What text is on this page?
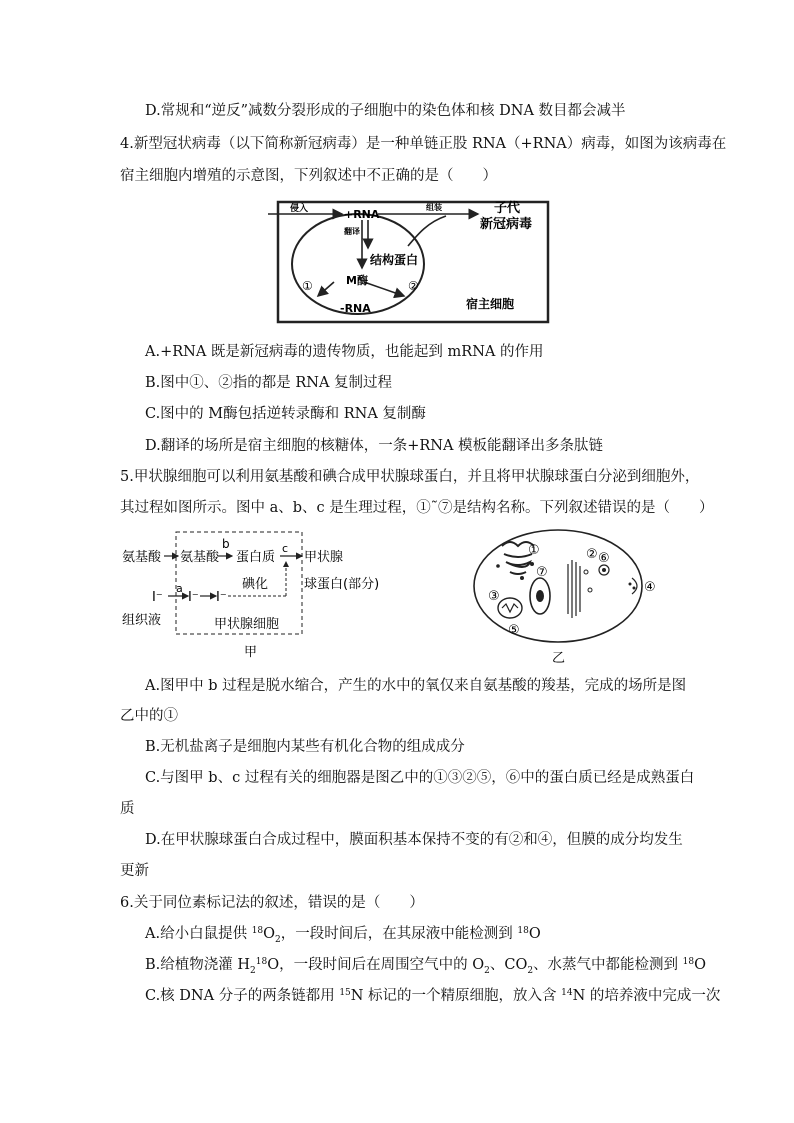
D.常规和“逆反”减数分裂形成的子细胞中的染色体和核 DNA 数目都会减半
4.新型冠状病毒（以下简称新冠病毒）是一种单链正股 RNA（+RNA）病毒，如图为该病毒在
宿主细胞内增殖的示意图，下列叙述中不正确的是（　　）
侵入	+RNA
翻译
组装	子代
新冠病毒
结构蛋白
M酶
①	②
-RNA	宿主细胞
A.+RNA 既是新冠病毒的遗传物质，也能起到 mRNA 的作用
B.图中①、②指的都是 RNA 复制过程
C.图中的 M酶包括逆转录酶和 RNA 复制酶
D.翻译的场所是宿主细胞的核糖体，一条+RNA 模板能翻译出多条肽链
5.甲状腺细胞可以利用氨基酸和碘合成甲状腺球蛋白，并且将甲状腺球蛋白分泌到细胞外，
其过程如图所示。图中 a、b、c 是生理过程，①˜⑦是结构名称。下列叙述错误的是（　　）
氨基酸 氨基酸
b
蛋白质
c
甲状腺
球蛋白(部分)
I⁻
a
I⁻ I⁻
碘化
组织液	甲状腺细胞
甲
①	②
③
④
⑤
⑥
⑦
乙
A.图甲中 b 过程是脱水缩合，产生的水中的氧仅来自氨基酸的羧基，完成的场所是图
乙中的①
B.无机盐离子是细胞内某些有机化合物的组成成分
C.与图甲 b、c 过程有关的细胞器是图乙中的①③②⑤，⑥中的蛋白质已经是成熟蛋白
质
D.在甲状腺球蛋白合成过程中，膜面积基本保持不变的有②和④，但膜的成分均发生
更新
6.关于同位素标记法的叙述，错误的是（　　）
A.给小白鼠提供 $^{18}O_2$，一段时间后，在其尿液中能检测到 $^{18}$O
B.给植物浇灌 $H_2^{18}O$，一段时间后在周围空气中的 $O_2$、$CO_2$、水蒸气中都能检测到 $^{18}$O
C.核 DNA 分子的两条链都用 $^{15}$N 标记的一个精原细胞，放入含 $^{14}$N 的培养液中完成一次
